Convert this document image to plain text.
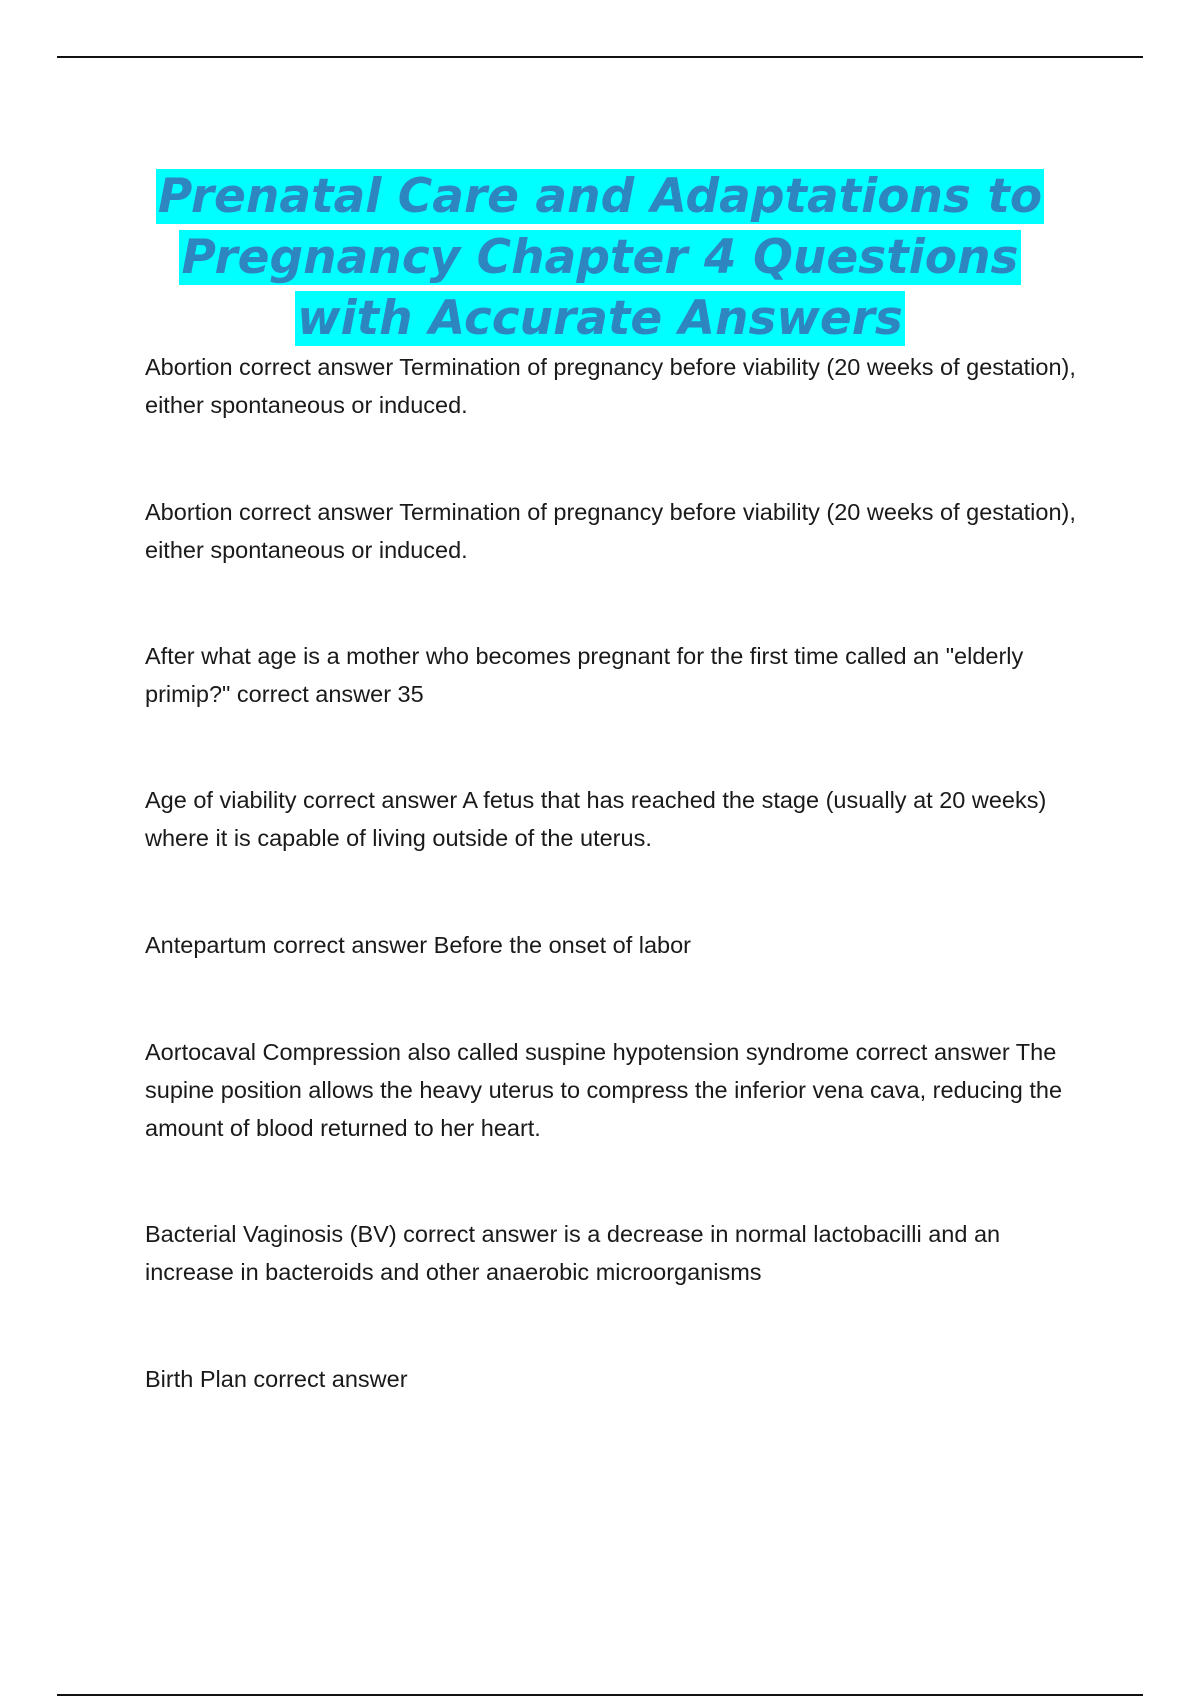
Prenatal Care and Adaptations to
Pregnancy Chapter 4 Questions
with Accurate Answers

Abortion correct answer Termination of pregnancy before viability (20 weeks of gestation), either spontaneous or induced.

Abortion correct answer Termination of pregnancy before viability (20 weeks of gestation), either spontaneous or induced.

After what age is a mother who becomes pregnant for the first time called an "elderly primip?" correct answer 35

Age of viability correct answer A fetus that has reached the stage (usually at 20 weeks) where it is capable of living outside of the uterus.

Antepartum correct answer Before the onset of labor

Aortocaval Compression also called suspine hypotension syndrome correct answer The supine position allows the heavy uterus to compress the inferior vena cava, reducing the amount of blood returned to her heart.

Bacterial Vaginosis (BV) correct answer is a decrease in normal lactobacilli and an increase in bacteroids and other anaerobic microorganisms

Birth Plan correct answer
